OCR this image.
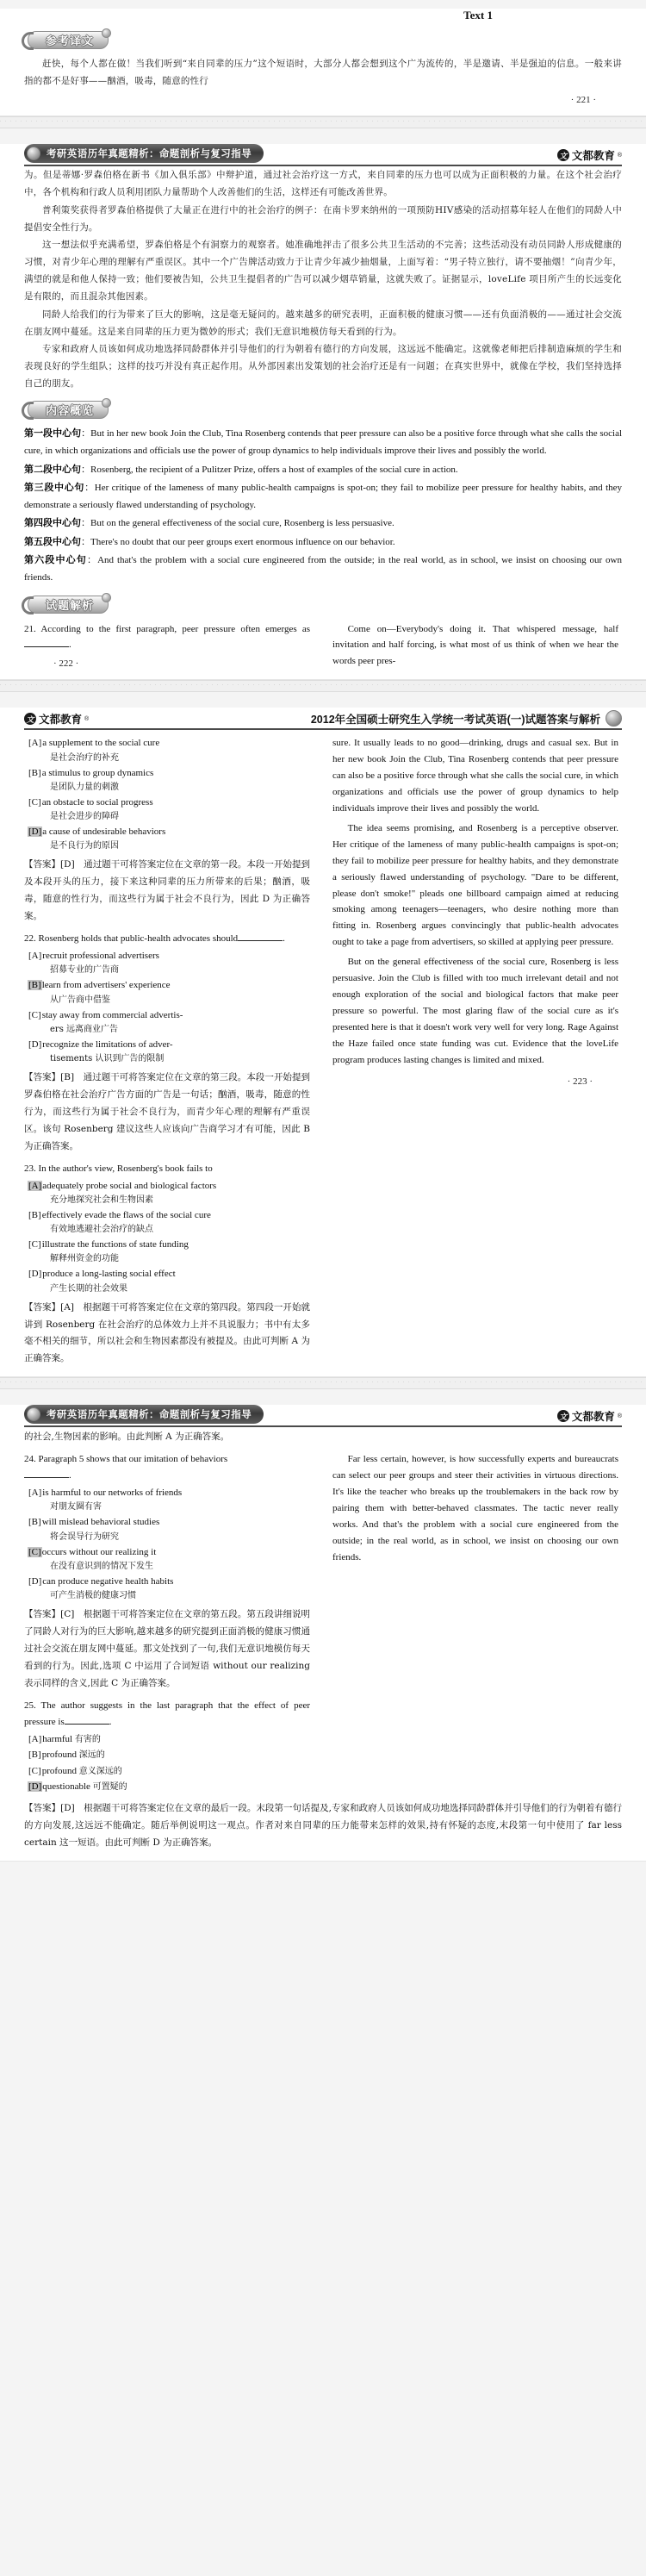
Text 1
参考译文

赶快，每个人都在做！当我们听到“来自同辈的压力”这个短语时，大部分人都会想到这个广为流传的，半是邀请、半是强迫的信息。一般来讲指的都不是好事——酗酒，吸毒，随意的性行

· 221 ·
考研英语历年真题精析：命题剖析与复习指导	文 文都教育 ®

为。但是蒂娜·罗森伯格在新书《加入俱乐部》中辩护道，通过社会治疗这一方式，来自同辈的压力也可以成为正面积极的力量。在这个社会治疗中，各个机构和行政人员利用团队力量帮助个人改善他们的生活，这样还有可能改善世界。

普利策奖获得者罗森伯格提供了大量正在进行中的社会治疗的例子：在南卡罗来纳州的一项预防HIV感染的活动招募年轻人在他们的同龄人中提倡安全性行为。

这一想法似乎充满希望，罗森伯格是个有洞察力的观察者。她准确地抨击了很多公共卫生活动的不完善；这些活动没有动员同龄人形成健康的习惯，对青少年心理的理解有严重误区。其中一个广告牌活动致力于让青少年减少抽烟量，上面写着：“男子特立独行，请不要抽烟！”向青少年，满望的就是和他人保持一致；他们要被告知，公共卫生提倡者的广告可以减少烟草销量，这就失败了。证据显示，loveLife 项目所产生的长远变化是有限的，而且混杂其他因素。

同龄人给我们的行为带来了巨大的影响，这是毫无疑问的。越来越多的研究表明，正面积极的健康习惯——还有负面消极的——通过社会交流在朋友网中蔓延。这是来自同辈的压力更为微妙的形式；我们无意识地模仿每天看到的行为。

专家和政府人员该如何成功地选择同龄群体并引导他们的行为朝着有德行的方向发展，这远远不能确定。这就像老师把后排制造麻烦的学生和表现良好的学生组队；这样的技巧并没有真正起作用。从外部因素出发策划的社会治疗还是有一问题；在真实世界中，就像在学校，我们坚持选择自己的朋友。

内容概览

第一段中心句：But in her new book Join the Club, Tina Rosenberg contends that peer pressure can also be a positive force through what she calls the social cure, in which organizations and officials use the power of group dynamics to help individuals improve their lives and possibly the world.

第二段中心句：Rosenberg, the recipient of a Pulitzer Prize, offers a host of examples of the social cure in action.

第三段中心句：Her critique of the lameness of many public-health campaigns is spot-on; they fail to mobilize peer pressure for healthy habits, and they demonstrate a seriously flawed understanding of psychology.

第四段中心句：But on the general effectiveness of the social cure, Rosenberg is less persuasive.

第五段中心句：There's no doubt that our peer groups exert enormous influence on our behavior.

第六段中心句：And that's the problem with a social cure engineered from the outside; in the real world, as in school, we insist on choosing our own friends.

试题解析
21. According to the first paragraph, peer pressure often emerges as.
· 222 ·
Come on—Everybody's doing it. That whispered message, half invitation and half forcing, is what most of us think of when we hear the words peer pres-
文 文都教育 ®	2012年全国硕士研究生入学统一考试英语(一)试题答案与解析
[A]a supplement to the social cure
是社会治疗的补充
[B]a stimulus to group dynamics
是团队力量的刺激
[C]an obstacle to social progress
是社会进步的障碍
[D]a cause of undesirable behaviors
是不良行为的原因
【答案】[D]　通过题干可将答案定位在文章的第一段。本段一开始提到及本段开头的压力，接下来这种同辈的压力所带来的后果；酗酒，吸毒，随意的性行为，而这些行为属于社会不良行为，因此 D 为正确答案。
22. Rosenberg holds that public-health advocates should	.
[A]recruit professional advertisers
招募专业的广告商
[B]learn from advertisers' experience
从广告商中借鉴
[C]stay away from commercial advertis-
ers 远离商业广告
[D]recognize the limitations of adver-
tisements 认识到广告的限制
【答案】[B]　通过题干可将答案定位在文章的第三段。本段一开始提到罗森伯格在社会治疗广告方面的广告是一句话；酗酒，吸毒，随意的性行为，而这些行为属于社会不良行为，而青少年心理的理解有严重误区。该句 Rosenberg 建议这些人应该向广告商学习才有可能，因此 B 为正确答案。
23. In the author's view, Rosenberg's book fails to
[A]adequately probe social and biological factors
充分地探究社会和生物因素
[B]effectively evade the flaws of the social cure
有效地逃避社会治疗的缺点
[C]illustrate the functions of state funding
解释州资金的功能
[D]produce a long-lasting social effect
产生长期的社会效果
【答案】[A]　根据题干可将答案定位在文章的第四段。第四段一开始就讲到 Rosenberg 在社会治疗的总体效力上并不具说服力；书中有太多毫不相关的细节，所以社会和生物因素都没有被提及。由此可判断 A 为正确答案。
sure. It usually leads to no good—drinking, drugs and casual sex. But in her new book Join the Club, Tina Rosenberg contends that peer pressure can also be a positive force through what she calls the social cure, in which organizations and officials use the power of group dynamics to help individuals improve their lives and possibly the world.
The idea seems promising, and Rosenberg is a perceptive observer. Her critique of the lameness of many public-health campaigns is spot-on; they fail to mobilize peer pressure for healthy habits, and they demonstrate a seriously flawed understanding of psychology. "Dare to be different, please don't smoke!" pleads one billboard campaign aimed at reducing smoking among teenagers—teenagers, who desire nothing more than fitting in. Rosenberg argues convincingly that public-health advocates ought to take a page from advertisers, so skilled at applying peer pressure.
But on the general effectiveness of the social cure, Rosenberg is less persuasive. Join the Club is filled with too much irrelevant detail and not enough exploration of the social and biological factors that make peer pressure so powerful. The most glaring flaw of the social cure as it's presented here is that it doesn't work very well for very long. Rage Against the Haze failed once state funding was cut. Evidence that the loveLife program produces lasting changes is limited and mixed.
· 223 ·
考研英语历年真题精析：命题剖析与复习指导	文 文都教育 ®
的社会,生物因素的影响。由此判断 A 为正确答案。
24. Paragraph 5 shows that our imitation of behaviors
.
[A]is harmful to our networks of friends
对朋友圈有害
[B]will mislead behavioral studies
将会误导行为研究
[C]occurs without our realizing it
在没有意识到的情况下发生
[D]can produce negative health habits
可产生消极的健康习惯
【答案】[C]　根据题干可将答案定位在文章的第五段。第五段讲细说明了同龄人对行为的巨大影响,越来越多的研究提到正面消极的健康习惯通过社会交流在朋友网中蔓延。那文处找到了一句,我们无意识地模仿每天看到的行为。因此,选项 C 中运用了合词短语 without our realizing 表示同样的含义,因此 C 为正确答案。
25. The author suggests in the last paragraph that the effect of peer pressure is	.
[A]harmful 有害的
[B]profound 深远的
[C]profound 意义深远的
[D]questionable 可置疑的
Far less certain, however, is how successfully experts and bureaucrats can select our peer groups and steer their activities in virtuous directions. It's like the teacher who breaks up the troublemakers in the back row by pairing them with better-behaved classmates. The tactic never really works. And that's the problem with a social cure engineered from the outside; in the real world, as in school, we insist on choosing our own friends.
【答案】[D]　根据题干可将答案定位在文章的最后一段。末段第一句话提及,专家和政府人员该如何成功地选择同龄群体并引导他们的行为朝着有德行的方向发展,这远远不能确定。随后举例说明这一观点。作者对来自同辈的压力能带来怎样的效果,持有怀疑的态度,末段第一句中使用了 far less certain 这一短语。由此可判断 D 为正确答案。
